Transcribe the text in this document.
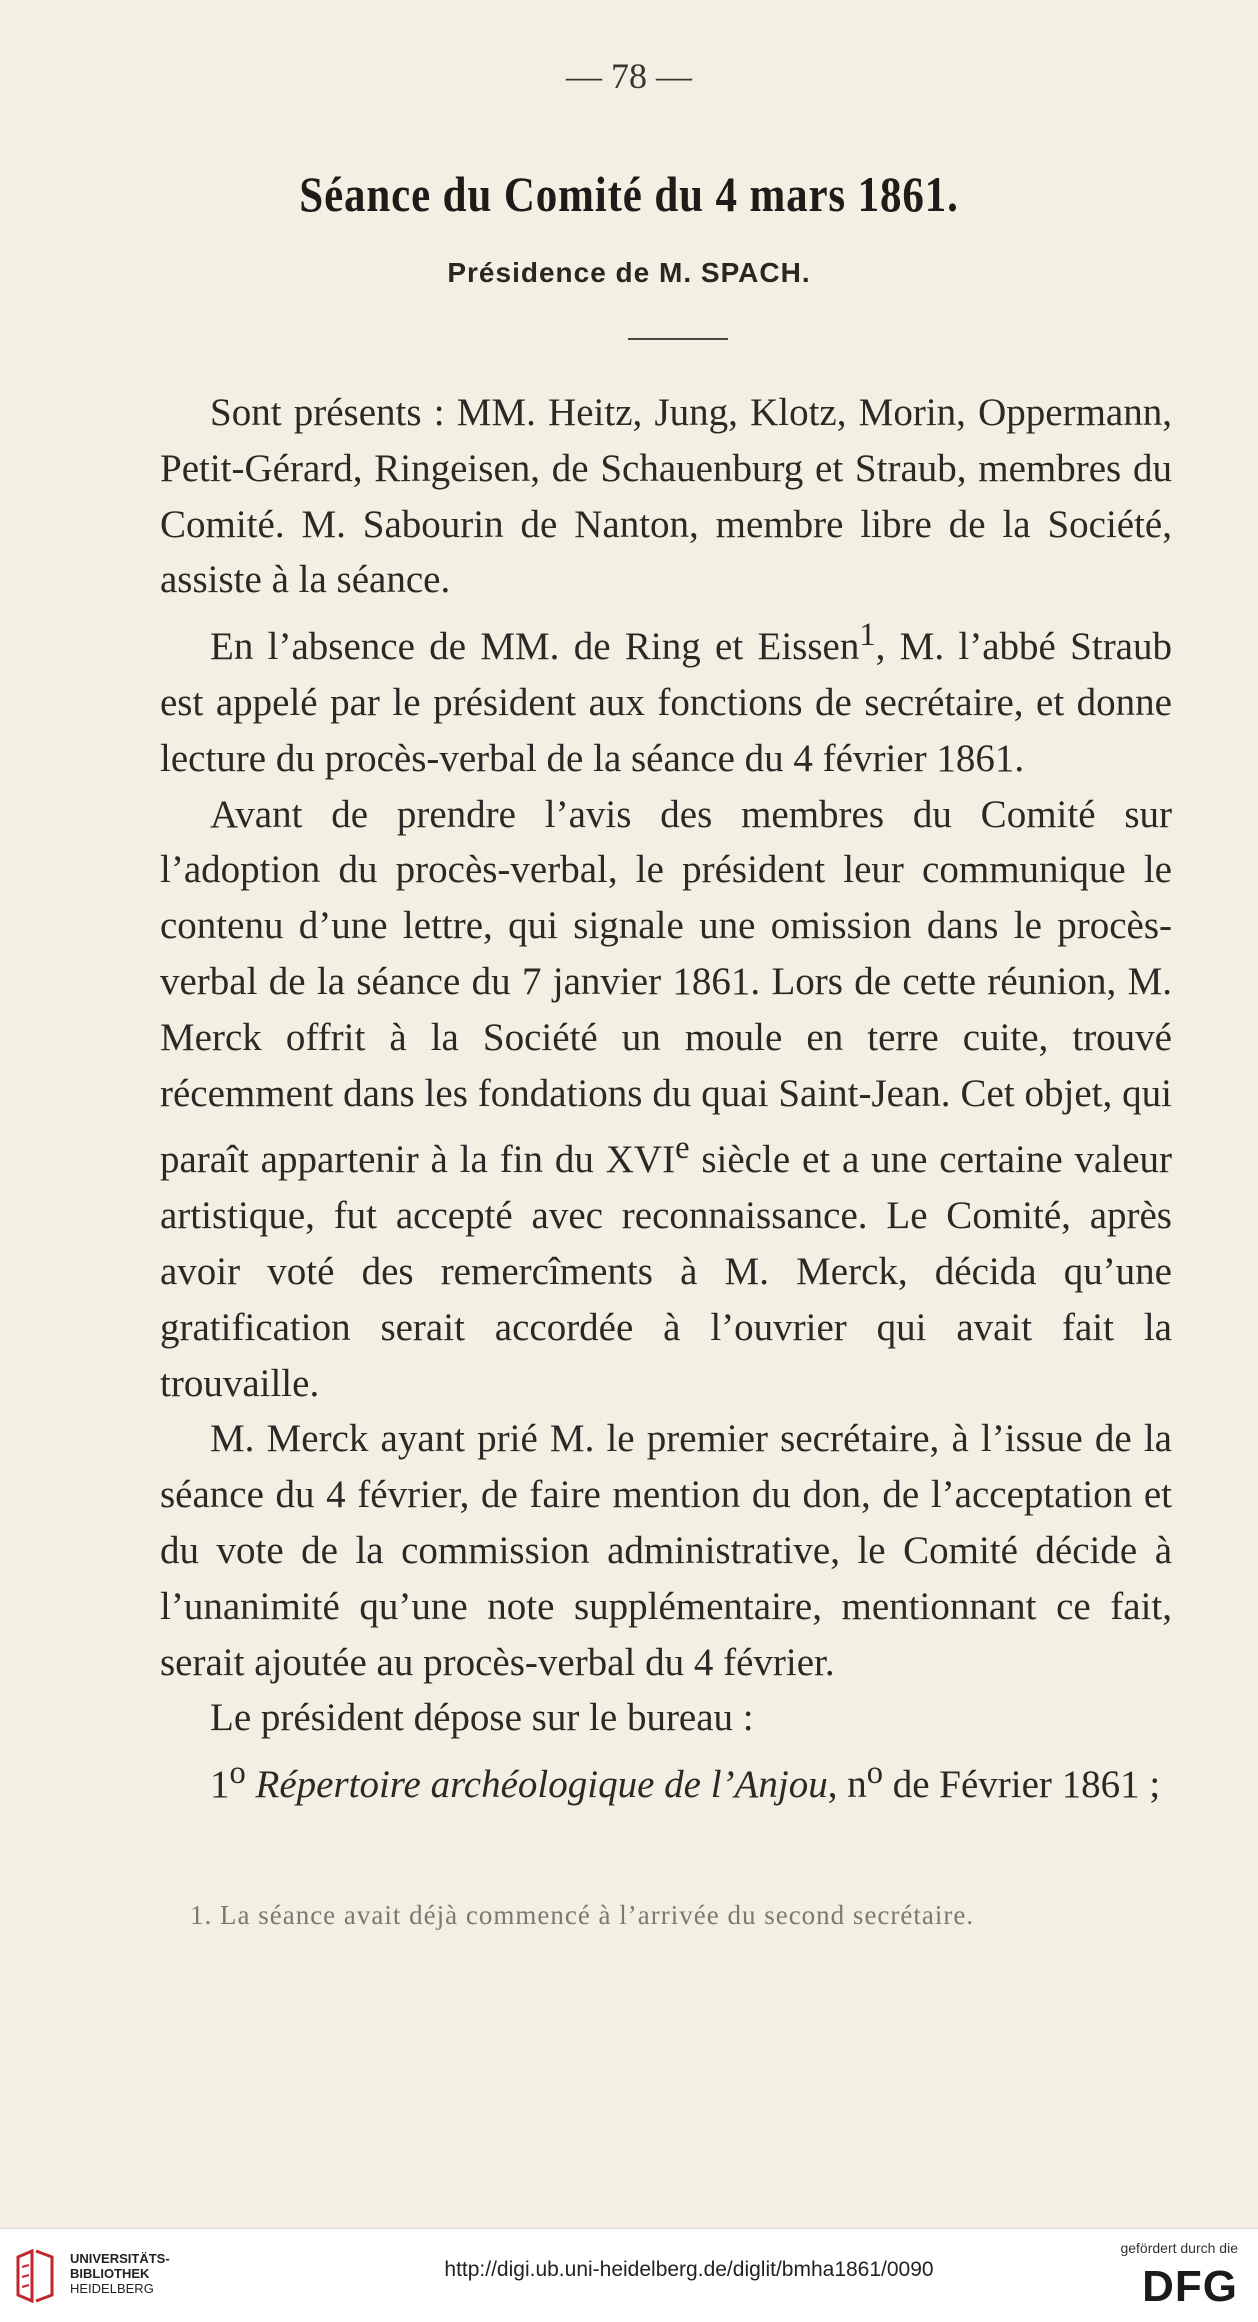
— 78 —
Séance du Comité du 4 mars 1861.
Présidence de M. SPACH.

Sont présents : MM. Heitz, Jung, Klotz, Morin, Oppermann, Petit-Gérard, Ringeisen, de Schauenburg et Straub, membres du Comité. M. Sabourin de Nanton, membre libre de la Société, assiste à la séance.

En l’absence de MM. de Ring et Eissen$^1$, M. l’abbé Straub est appelé par le président aux fonctions de secrétaire, et donne lecture du procès-verbal de la séance du 4 février 1861.

Avant de prendre l’avis des membres du Comité sur l’adoption du procès-verbal, le président leur communique le contenu d’une lettre, qui signale une omission dans le procès-verbal de la séance du 7 janvier 1861. Lors de cette réunion, M. Merck offrit à la Société un moule en terre cuite, trouvé récemment dans les fondations du quai Saint-Jean. Cet objet, qui paraît appartenir à la fin du XVIe siècle et a une certaine valeur artistique, fut accepté avec reconnaissance. Le Comité, après avoir voté des remercîments à M. Merck, décida qu’une gratification serait accordée à l’ouvrier qui avait fait la trouvaille.

M. Merck ayant prié M. le premier secrétaire, à l’issue de la séance du 4 février, de faire mention du don, de l’acceptation et du vote de la commission administrative, le Comité décide à l’unanimité qu’une note supplémentaire, mentionnant ce fait, serait ajoutée au procès-verbal du 4 février.

Le président dépose sur le bureau :

1$^o$ Répertoire archéologique de l’Anjou, $n^o$ de Février 1861 ;

1. La séance avait déjà commencé à l’arrivée du second secrétaire.
UNIVERSITÄTS-
BIBLIOTHEK
HEIDELBERG
http://digi.ub.uni-heidelberg.de/diglit/bmha1861/0090
gefördert durch die
DFG
